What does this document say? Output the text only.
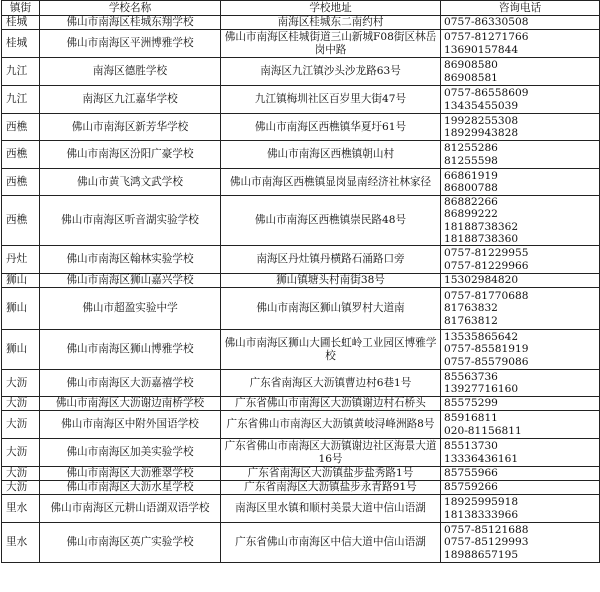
镇街	学校名称	学校地址	咨询电话
桂城	佛山市南海区桂城东翔学校	南海区桂城东二南约村	0757-86330508

桂城	佛山市南海区平洲博雅学校	佛山市南海区桂城街道三山新城F08街区林岳岗中路	0757-81271766
13690157844

九江	南海区德胜学校	南海区九江镇沙头沙龙路63号	86908580
86908581

九江	南海区九江嘉华学校	九江镇梅圳社区百岁里大街47号	0757-86558609
13435455039

西樵	佛山市南海区新芳华学校	佛山市南海区西樵镇华夏圩61号	19928255308
18929943828

西樵	佛山市南海区汾阳广豪学校	佛山市南海区西樵镇朝山村	81255286
81255598

西樵	佛山市黄飞鸿文武学校	佛山市南海区西樵镇显岗显南经济社林家径	66861919
86800788

西樵	佛山市南海区听音湖实验学校	佛山市南海区西樵镇崇民路48号	86882266
86899222
18188738362
18188738360

丹灶	佛山市南海区翰林实验学校	南海区丹灶镇丹横路石涌路口旁	0757-81229955
0757-81229966

狮山	佛山市南海区狮山嘉兴学校	狮山镇塘头村南街38号	15302984820

狮山	佛山市超盈实验中学	佛山市南海区狮山镇罗村大道南	0757-81770688
81763832
81763812

狮山	佛山市南海区狮山博雅学校	佛山市南海区狮山大圃长虹岭工业园区博雅学校	13535865642
0757-85581919
0757-85579086

大沥	佛山市南海区大沥嘉禧学校	广东省南海区大沥镇曹边村6巷1号	85563736
13927716160

大沥	佛山市南海区大沥谢边南桥学校	广东省佛山市南海区大沥镇谢边村石桥头	85575299

大沥	佛山市南海区中附外国语学校	广东省佛山市南海区大沥镇黄岐浔峰洲路8号	85916811
020-81156811

大沥	佛山市南海区加美实验学校	广东省佛山市南海区大沥镇谢边社区海景大道16号	85513730
13336436161

大沥	佛山市南海区大沥雅翠学校	广东省南海区大沥镇盐步盐秀路1号	85755966

大沥	佛山市南海区大沥水星学校	广东省南海区大沥镇盐步永青路91号	85759266

里水	佛山市南海区元耕山语湖双语学校	南海区里水镇和顺村美景大道中信山语湖	18925995918
18138333966

里水	佛山市南海区英广实验学校	广东省佛山市南海区中信大道中信山语湖	0757-85121688
0757-85129993
18988657195
